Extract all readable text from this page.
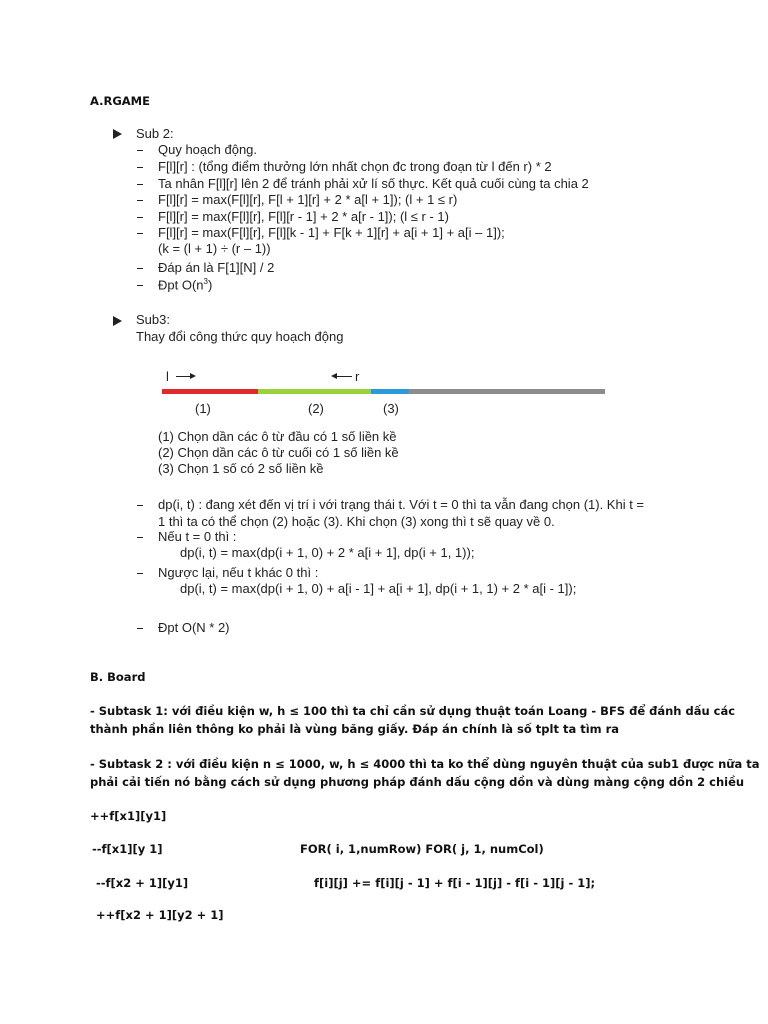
A.RGAME
Sub 2:
Quy hoạch động.
F[l][r] : (tổng điểm thưởng lớn nhất chọn đc trong đoạn từ l đến r) * 2
Ta nhân F[l][r] lên 2 để tránh phải xử lí số thực. Kết quả cuối cùng ta chia 2
F[l][r] = max(F[l][r], F[l + 1][r] + 2 * a[l + 1]); (l + 1 ≤ r)
F[l][r] = max(F[l][r], F[l][r - 1] + 2 * a[r - 1]); (l ≤ r - 1)
F[l][r] = max(F[l][r], F[l][k - 1] + F[k + 1][r] + a[i + 1] + a[i – 1]);
(k = (l + 1) ÷ (r – 1))
Đáp án là F[1][N] / 2
Đpt $O(n^3)$
Sub3:
Thay đổi công thức quy hoạch động
l	r
(1)	(2)	(3)
(1) Chọn dần các ô từ đầu có 1 số liền kề
(2) Chọn dần các ô từ cuối có 1 số liền kề
(3) Chọn 1 số có 2 số liền kề
dp(i, t) : đang xét đến vị trí i với trạng thái t. Với t = 0 thì ta vẫn đang chọn (1). Khi t =
1 thì ta có thể chọn (2) hoặc (3). Khi chọn (3) xong thì t sẽ quay về 0.
Nếu t = 0 thì :
dp(i, t) = max(dp(i + 1, 0) + 2 * a[i + 1], dp(i + 1, 1));
Ngược lại, nếu t khác 0 thì :
dp(i, t) = max(dp(i + 1, 0) + a[i - 1] + a[i + 1], dp(i + 1, 1) + 2 * a[i - 1]);
Đpt O(N * 2)
B. Board
- Subtask 1: với điều kiện w, h ≤ 100 thì ta chỉ cần sử dụng thuật toán Loang - BFS để đánh dấu các
thành phần liên thông ko phải là vùng băng giấy. Đáp án chính là số tplt ta tìm ra
- Subtask 2 : với điều kiện n ≤ 1000, w, h ≤ 4000 thì ta ko thể dùng nguyên thuật của sub1 được nữa ta
phải cải tiến nó bằng cách sử dụng phương pháp đánh dấu cộng dồn và dùng màng cộng dồn 2 chiều
++f[x1][y1]
--f[x1][y 1]	FOR( i, 1,numRow) FOR( j, 1, numCol)
--f[x2 + 1][y1]	f[i][j] += f[i][j - 1] + f[i - 1][j] - f[i - 1][j - 1];
++f[x2 + 1][y2 + 1]
